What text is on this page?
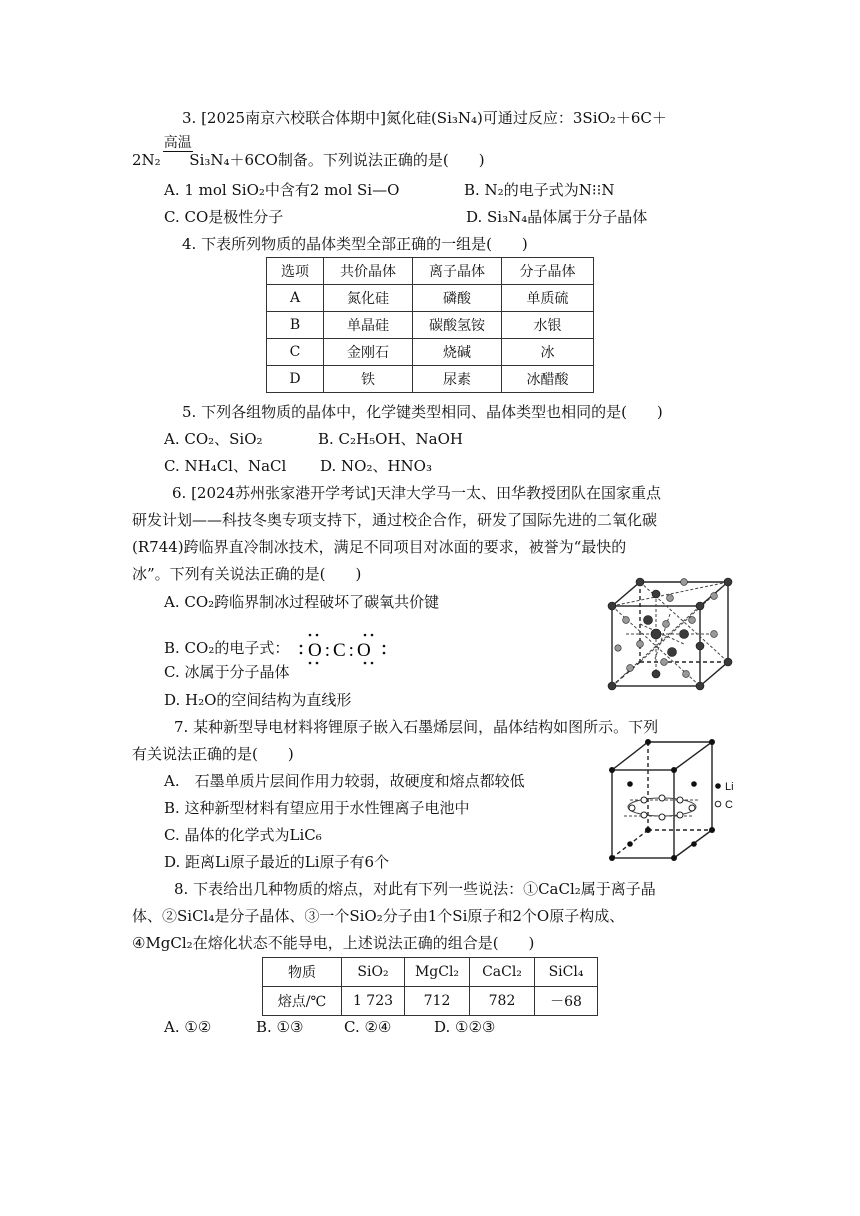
3. [2025南京六校联合体期中]氮化硅(Si₃N₄)可通过反应：3SiO₂＋6C＋
2N₂
高温
Si₃N₄＋6CO制备。下列说法正确的是(　　)
A. 1 mol SiO₂中含有2 mol Si—O	B. N₂的电子式为N⁝⁝N
C. CO是极性分子	D. Si₃N₄晶体属于分子晶体
4. 下表所列物质的晶体类型全部正确的一组是(　　)
选项	共价晶体	离子晶体	分子晶体
A	氮化硅	磷酸	单质硫
B	单晶硅	碳酸氢铵	水银
C	金刚石	烧碱	冰
D	铁	尿素	冰醋酸
5. 下列各组物质的晶体中，化学键类型相同、晶体类型也相同的是(　　)
A. CO₂、SiO₂	B. C₂H₅OH、NaOH
C. NH₄Cl、NaCl D. NO₂、HNO₃
6. [2024苏州张家港开学考试]天津大学马一太、田华教授团队在国家重点
研发计划——科技冬奥专项支持下，通过校企合作，研发了国际先进的二氧化碳
(R744)跨临界直冷制冰技术，满足不同项目对冰面的要求，被誉为“最快的
冰”。下列有关说法正确的是(　　)
A. CO₂跨临界制冰过程破坏了碳氧共价键
B. CO₂的电子式： O:C:O
C. 冰属于分子晶体
D. H₂O的空间结构为直线形
7. 某种新型导电材料将锂原子嵌入石墨烯层间，晶体结构如图所示。下列
有关说法正确的是(　　)
A.　石墨单质片层间作用力较弱，故硬度和熔点都较低
B. 这种新型材料有望应用于水性锂离子电池中
C. 晶体的化学式为LiC₆
D. 距离Li原子最近的Li原子有6个
Li
C
8. 下表给出几种物质的熔点，对此有下列一些说法：①CaCl₂属于离子晶
体、②SiCl₄是分子晶体、③一个SiO₂分子由1个Si原子和2个O原子构成、
④MgCl₂在熔化状态不能导电，上述说法正确的组合是(　　)
物质	SiO₂	MgCl₂	CaCl₂	SiCl₄
熔点/℃	1 723	712	782	－68
A. ①②	B. ①③	C. ②④	D. ①②③
